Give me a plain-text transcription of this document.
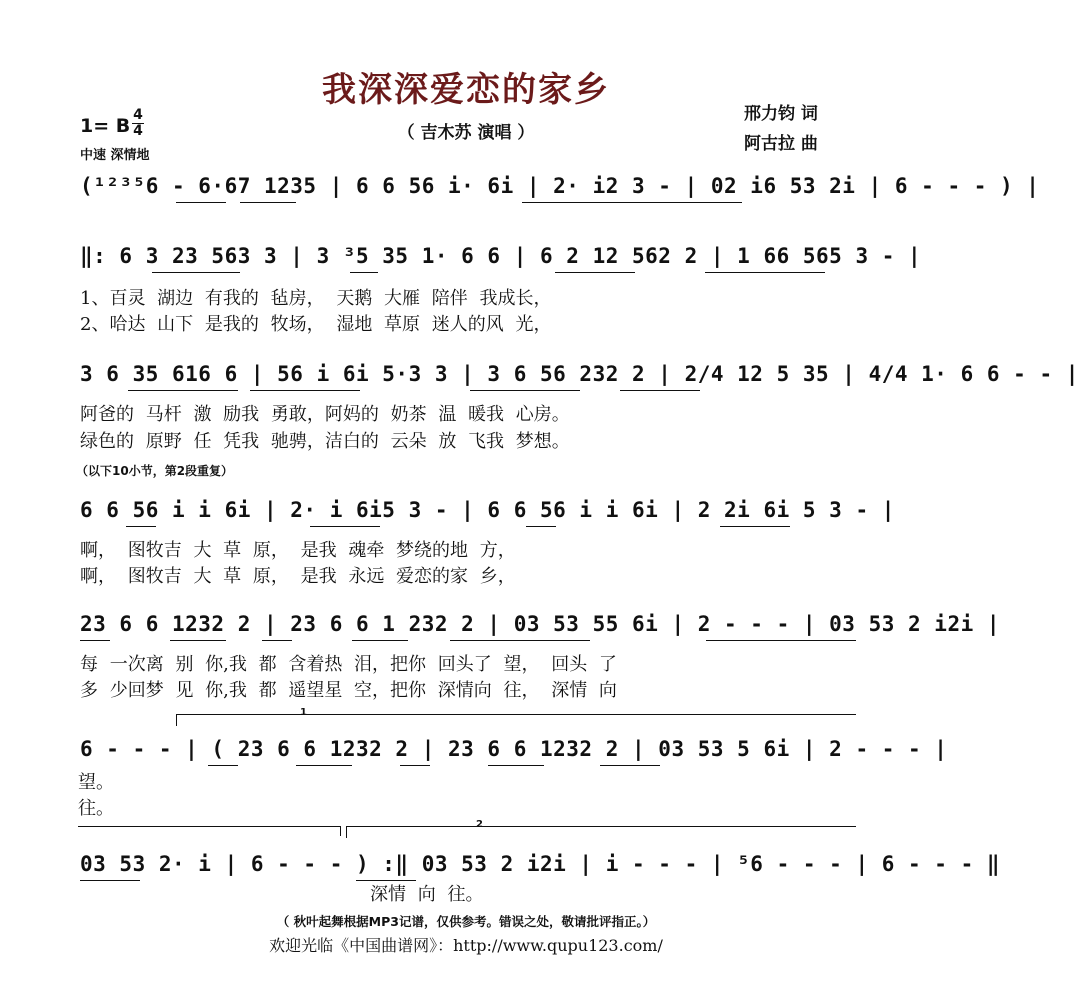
我深深爱恋的家乡
（ 吉木苏 演唱 ）
邢力钧 词
阿古拉 曲
1= B 4
4
中速 深情地
(¹²³⁵6 - 6·67 1235 | 6 6 56 i· 6i | 2· i2 3 - | 02 i6 53 2i | 6 - - - ) |
‖: 6 3 23 563 3 | 3 ³5 35 1· 6 6 | 6 2 12 562 2 | 1 66 565 3 - |
1、百灵 湖边 有我的 毡房， 天鹅 大雁 陪伴 我成长，
2、哈达 山下 是我的 牧场， 湿地 草原 迷人的风 光，
3 6 35 616 6 | 56 i 6i 5·3 3 | 3 6 56 232 2 | 2/4 12 5 35 | 4/4 1· 6 6 - - |
阿爸的 马杆 激 励我 勇敢，阿妈的 奶茶 温 暖我 心房。
绿色的 原野 任 凭我 驰骋，洁白的 云朵 放 飞我 梦想。
（以下10小节，第2段重复）
6 6 56 i i 6i | 2· i 6i5 3 - | 6 6 56 i i 6i | 2 2i 6i 5 3 - |
啊， 图牧吉 大 草 原， 是我 魂牵 梦绕的地 方，
啊， 图牧吉 大 草 原， 是我 永远 爱恋的家 乡，
23 6 6 1232 2 | 23 6 6 1 232 2 | 03 53 55 6i | 2 - - - | 03 53 2 i2i |
每 一次离 别 你,我 都 含着热 泪，把你 回头了 望， 回头 了
多 少回梦 见 你,我 都 遥望星 空，把你 深情向 往， 深情 向
1
6 - - - | ( 23 6 6 1232 2 | 23 6 6 1232 2 | 03 53 5 6i | 2 - - - |
望。
往。
2
03 53 2· i | 6 - - - ) :‖ 03 53 2 i2i | i - - - | ⁵6 - - - | 6 - - - ‖
深情 向 往。
（ 秋叶起舞根据MP3记谱，仅供参考。错误之处，敬请批评指正。）
欢迎光临《中国曲谱网》：http://www.qupu123.com/
